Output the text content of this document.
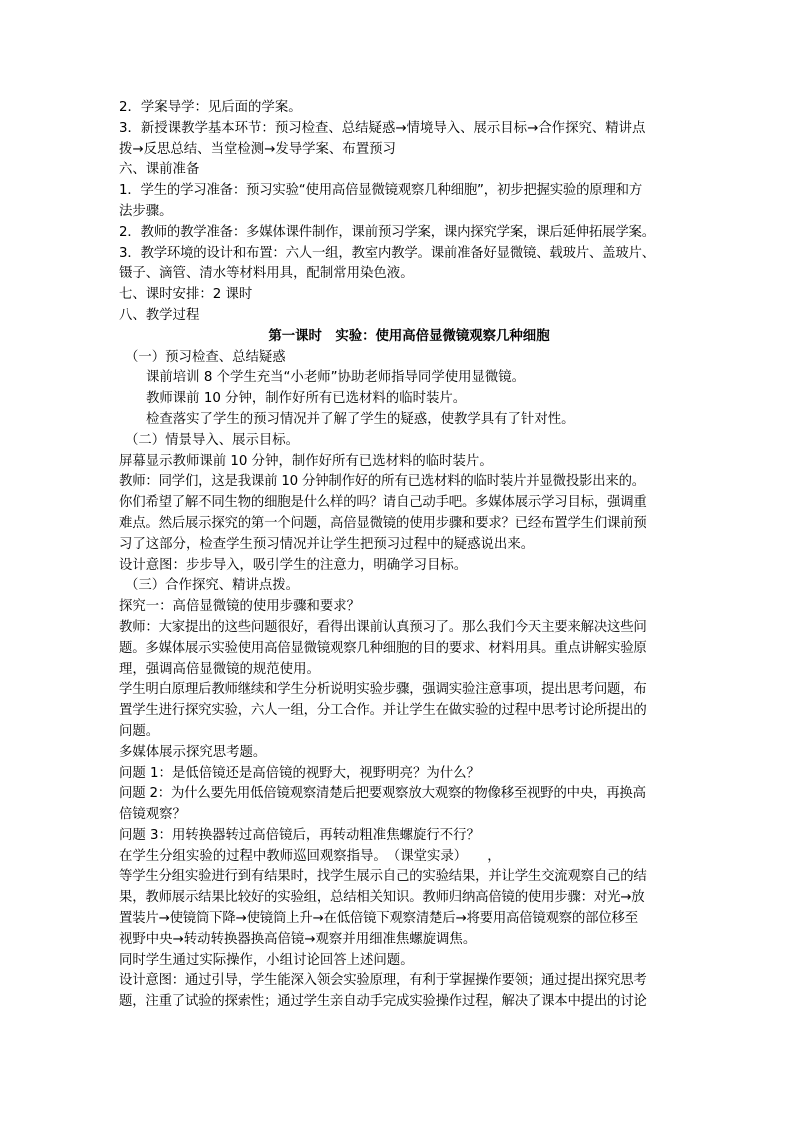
2．学案导学：见后面的学案。
3．新授课教学基本环节：预习检查、总结疑惑→情境导入、展示目标→合作探究、精讲点
拨→反思总结、当堂检测→发导学案、布置预习
六、课前准备
1．学生的学习准备：预习实验“使用高倍显微镜观察几种细胞”，初步把握实验的原理和方
法步骤。
2．教师的教学准备：多媒体课件制作，课前预习学案，课内探究学案，课后延伸拓展学案。
3．教学环境的设计和布置：六人一组，教室内教学。课前准备好显微镜、载玻片、盖玻片、
镊子、滴管、清水等材料用具，配制常用染色液。
七、课时安排：2 课时
八、教学过程
第一课时　实验：使用高倍显微镜观察几种细胞
（一）预习检查、总结疑惑
课前培训 8 个学生充当“小老师”协助老师指导同学使用显微镜。
教师课前 10 分钟，制作好所有已选材料的临时装片。
检查落实了学生的预习情况并了解了学生的疑惑，使教学具有了针对性。
（二）情景导入、展示目标。
屏幕显示教师课前 10 分钟，制作好所有已选材料的临时装片。
教师：同学们，这是我课前 10 分钟制作好的所有已选材料的临时装片并显微投影出来的。
你们希望了解不同生物的细胞是什么样的吗？请自己动手吧。多媒体展示学习目标，强调重
难点。然后展示探究的第一个问题，高倍显微镜的使用步骤和要求？已经布置学生们课前预
习了这部分，检查学生预习情况并让学生把预习过程中的疑惑说出来。
设计意图：步步导入，吸引学生的注意力，明确学习目标。
（三）合作探究、精讲点拨。
探究一：高倍显微镜的使用步骤和要求？
教师：大家提出的这些问题很好，看得出课前认真预习了。那么我们今天主要来解决这些问
题。多媒体展示实验使用高倍显微镜观察几种细胞的目的要求、材料用具。重点讲解实验原
理，强调高倍显微镜的规范使用。
学生明白原理后教师继续和学生分析说明实验步骤，强调实验注意事项，提出思考问题，布
置学生进行探究实验，六人一组，分工合作。并让学生在做实验的过程中思考讨论所提出的
问题。
多媒体展示探究思考题。
问题 1：是低倍镜还是高倍镜的视野大，视野明亮？为什么？
问题 2：为什么要先用低倍镜观察清楚后把要观察放大观察的物像移至视野的中央，再换高
倍镜观察？
问题 3：用转换器转过高倍镜后，再转动粗准焦螺旋行不行？
在学生分组实验的过程中教师巡回观察指导。　（课堂实录）　　，
等学生分组实验进行到有结果时，找学生展示自己的实验结果，并让学生交流观察自己的结
果，教师展示结果比较好的实验组，总结相关知识。教师归纳高倍镜的使用步骤：对光→放
置装片→使镜筒下降→使镜筒上升→在低倍镜下观察清楚后→将要用高倍镜观察的部位移至
视野中央→转动转换器换高倍镜→观察并用细准焦螺旋调焦。
同时学生通过实际操作，小组讨论回答上述问题。
设计意图：通过引导，学生能深入领会实验原理，有利于掌握操作要领；通过提出探究思考
题，注重了试验的探索性；通过学生亲自动手完成实验操作过程，解决了课本中提出的讨论
